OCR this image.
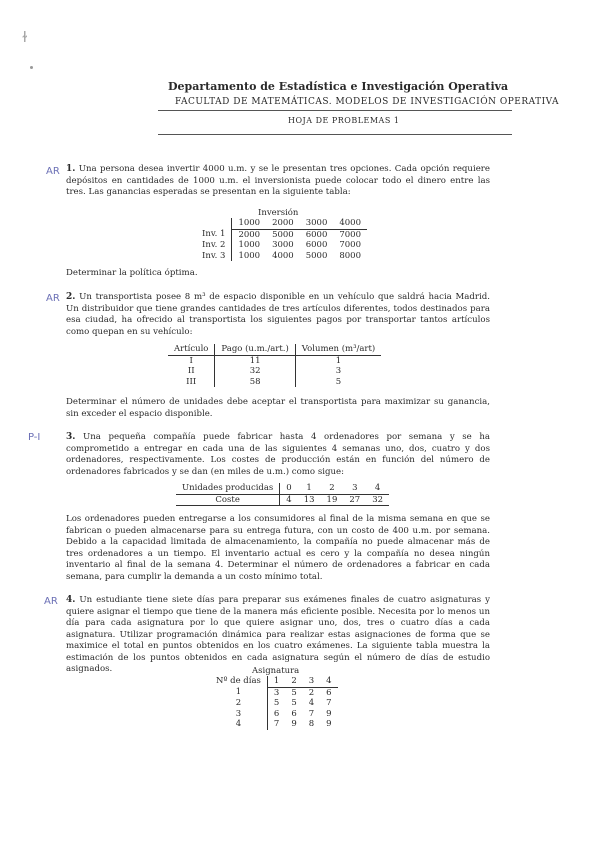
ɫ
Departamento de Estadística e Investigación Operativa
FACULTAD DE MATEMÁTICAS. MODELOS DE INVESTIGACIÓN OPERATIVA
HOJA DE PROBLEMAS 1
AR 1. Una persona desea invertir 4000 u.m. y se le presentan tres opciones. Cada opción requiere depósitos en cantidades de 1000 u.m. el inversionista puede colocar todo el dinero entre las tres. Las ganancias esperadas se presentan en la siguiente tabla:
Inversión
	1000	2000	3000	4000
Inv. 1	2000	5000	6000	7000
Inv. 2	1000	3000	6000	7000
Inv. 3	1000	4000	5000	8000
Determinar la política óptima.
AR 2. Un transportista posee 8 m³ de espacio disponible en un vehículo que saldrá hacia Madrid. Un distribuidor que tiene grandes cantidades de tres artículos diferentes, todos destinados para esa ciudad, ha ofrecido al transportista los siguientes pagos por transportar tantos artículos como quepan en su vehículo:
Artículo	Pago (u.m./art.)	Volumen (m³/art)
I	11	1
II	32	3
III	58	5
Determinar el número de unidades debe aceptar el transportista para maximizar su ganancia, sin exceder el espacio disponible.
P-I	3. Una pequeña compañía puede fabricar hasta 4 ordenadores por semana y se ha comprometido a entregar en cada una de las siguientes 4 semanas uno, dos, cuatro y dos ordenadores, respectivamente. Los costes de producción están en función del número de ordenadores fabricados y se dan (en miles de u.m.) como sigue:
Unidades producidas	0	1	2	3	4
Coste	4	13	19	27	32
Los ordenadores pueden entregarse a los consumidores al final de la misma semana en que se fabrican o pueden almacenarse para su entrega futura, con un costo de 400 u.m. por semana. Debido a la capacidad limitada de almacenamiento, la compañía no puede almacenar más de tres ordenadores a un tiempo. El inventario actual es cero y la compañía no desea ningún inventario al final de la semana 4. Determinar el número de ordenadores a fabricar en cada semana, para cumplir la demanda a un costo mínimo total.
AR 4. Un estudiante tiene siete días para preparar sus exámenes finales de cuatro asignaturas y quiere asignar el tiempo que tiene de la manera más eficiente posible. Necesita por lo menos un día para cada asignatura por lo que quiere asignar uno, dos, tres o cuatro días a cada asignatura. Utilizar programación dinámica para realizar estas asignaciones de forma que se maximice el total en puntos obtenidos en los cuatro exámenes. La siguiente tabla muestra la estimación de los puntos obtenidos en cada asignatura según el número de días de estudio asignados.	Asignatura
Nº de días	1	2	3	4
1	3	5	2	6
2	5	5	4	7
3	6	6	7	9
4	7	9	8	9
